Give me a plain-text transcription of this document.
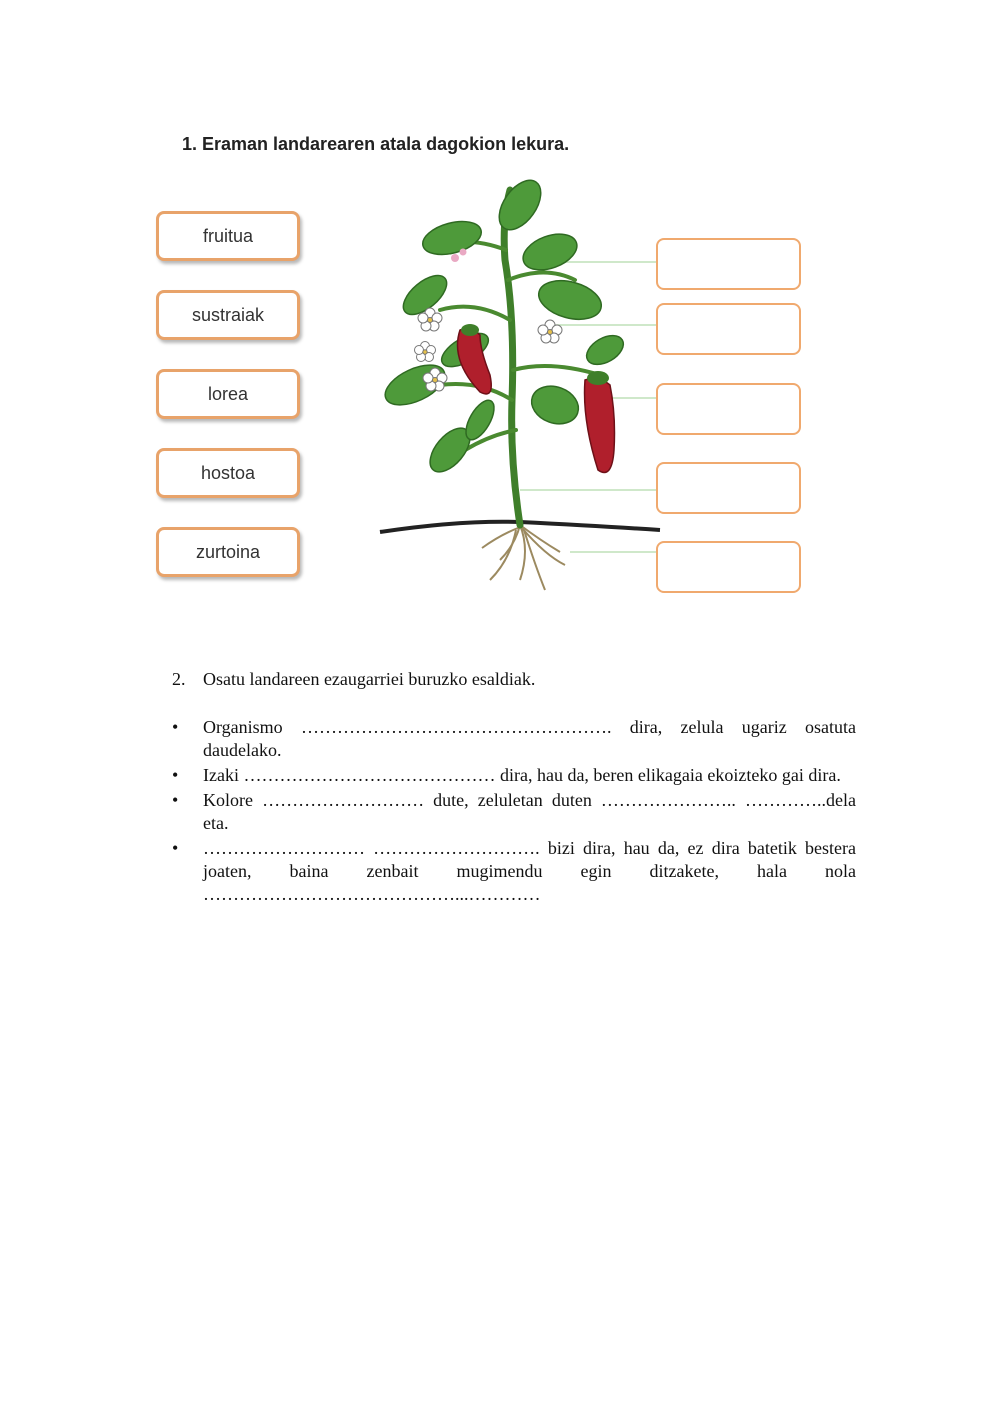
1. Eraman landarearen atala dagokion lekura.
fruitua
sustraiak
lorea
hostoa
zurtoina
2. Osatu landareen ezaugarriei buruzko esaldiak.
• Organismo ……………………………………………. dira, zelula ugariz osatuta daudelako.
• Izaki …………………………………… dira, hau da, beren elikagaia ekoizteko gai dira.
• Kolore ……………………… dute, zeluletan duten ………………….. …………..dela eta.
• ……………………… ………………………. bizi dira, hau da, ez dira batetik bestera joaten, baina zenbait mugimendu egin ditzakete, hala nola ……………………………………...…………
